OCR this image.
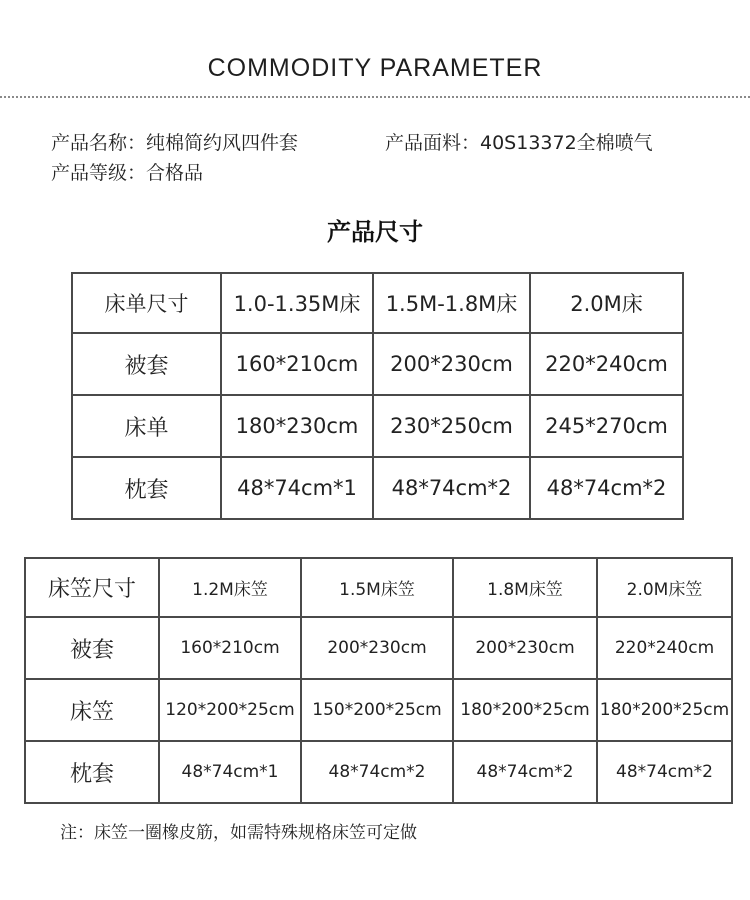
COMMODITY PARAMETER
产品名称：纯棉简约风四件套	产品面料：40S13372全棉喷气
产品等级：合格品
产品尺寸
床单尺寸	1.0-1.35M床	1.5M-1.8M床	2.0M床
被套	160*210cm	200*230cm	220*240cm
床单	180*230cm	230*250cm	245*270cm
枕套	48*74cm*1	48*74cm*2	48*74cm*2
床笠尺寸	1.2M床笠	1.5M床笠	1.8M床笠	2.0M床笠
被套	160*210cm	200*230cm	200*230cm	220*240cm
床笠	120*200*25cm	150*200*25cm	180*200*25cm	180*200*25cm
枕套	48*74cm*1	48*74cm*2	48*74cm*2	48*74cm*2
注：床笠一圈橡皮筋，如需特殊规格床笠可定做
